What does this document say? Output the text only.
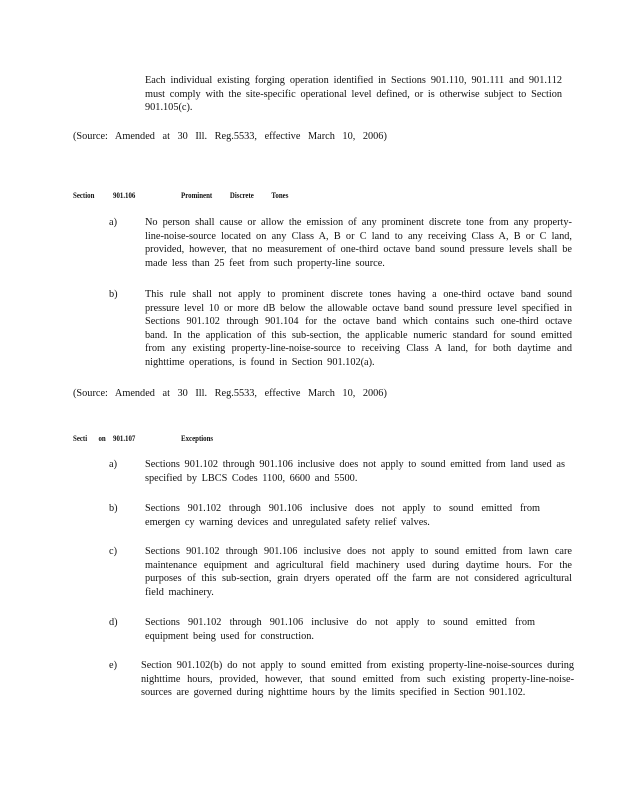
Each individual existing forging operation identified in Sections 901.110, 901.111 and 901.112 must comply with the site-specific operational level defined, or is otherwise subject to Section 901.105(c).
(Source: Amended at 30 Ill. Reg.5533, effective March 10, 2006)
Section 901.106	Prominent Discrete Tones
a)	No person shall cause or allow the emission of any prominent discrete tone from any property-line-noise-source located on any Class A, B or C land to any receiving Class A, B or C land, provided, however, that no measurement of one-third octave band sound pressure levels shall be made less than 25 feet from such property-line source.
b)	This rule shall not apply to prominent discrete tones having a one-third octave band sound pressure level 10 or more dB below the allowable octave band sound pressure level specified in Sections 901.102 through 901.104 for the octave band which contains such one-third octave band. In the application of this sub-section, the applicable numeric standard for sound emitted from any existing property-line-noise-source to receiving Class A land, for both daytime and nighttime operations, is found in Section 901.102(a).
(Source: Amended at 30 Ill. Reg.5533, effective March 10, 2006)
Secti on 901.107	Exceptions
a)	Sections 901.102 through 901.106 inclusive does not apply to sound emitted from land used as specified by LBCS Codes 1100, 6600 and 5500.
b)	Sections 901.102 through 901.106 inclusive does not apply to sound emitted from emergen cy warning devices and unregulated safety relief valves.
c)	Sections 901.102 through 901.106 inclusive does not apply to sound emitted from lawn care maintenance equipment and agricultural field machinery used during daytime hours. For the purposes of this sub-section, grain dryers operated off the farm are not considered agricultural field machinery.
d)	Sections 901.102 through 901.106 inclusive do not apply to sound emitted from equipment being used for construction.
e)	Section 901.102(b) do not apply to sound emitted from existing property-line-noise-sources during nighttime hours, provided, however, that sound emitted from such existing property-line-noise-sources are governed during nighttime hours by the limits specified in Section 901.102.
